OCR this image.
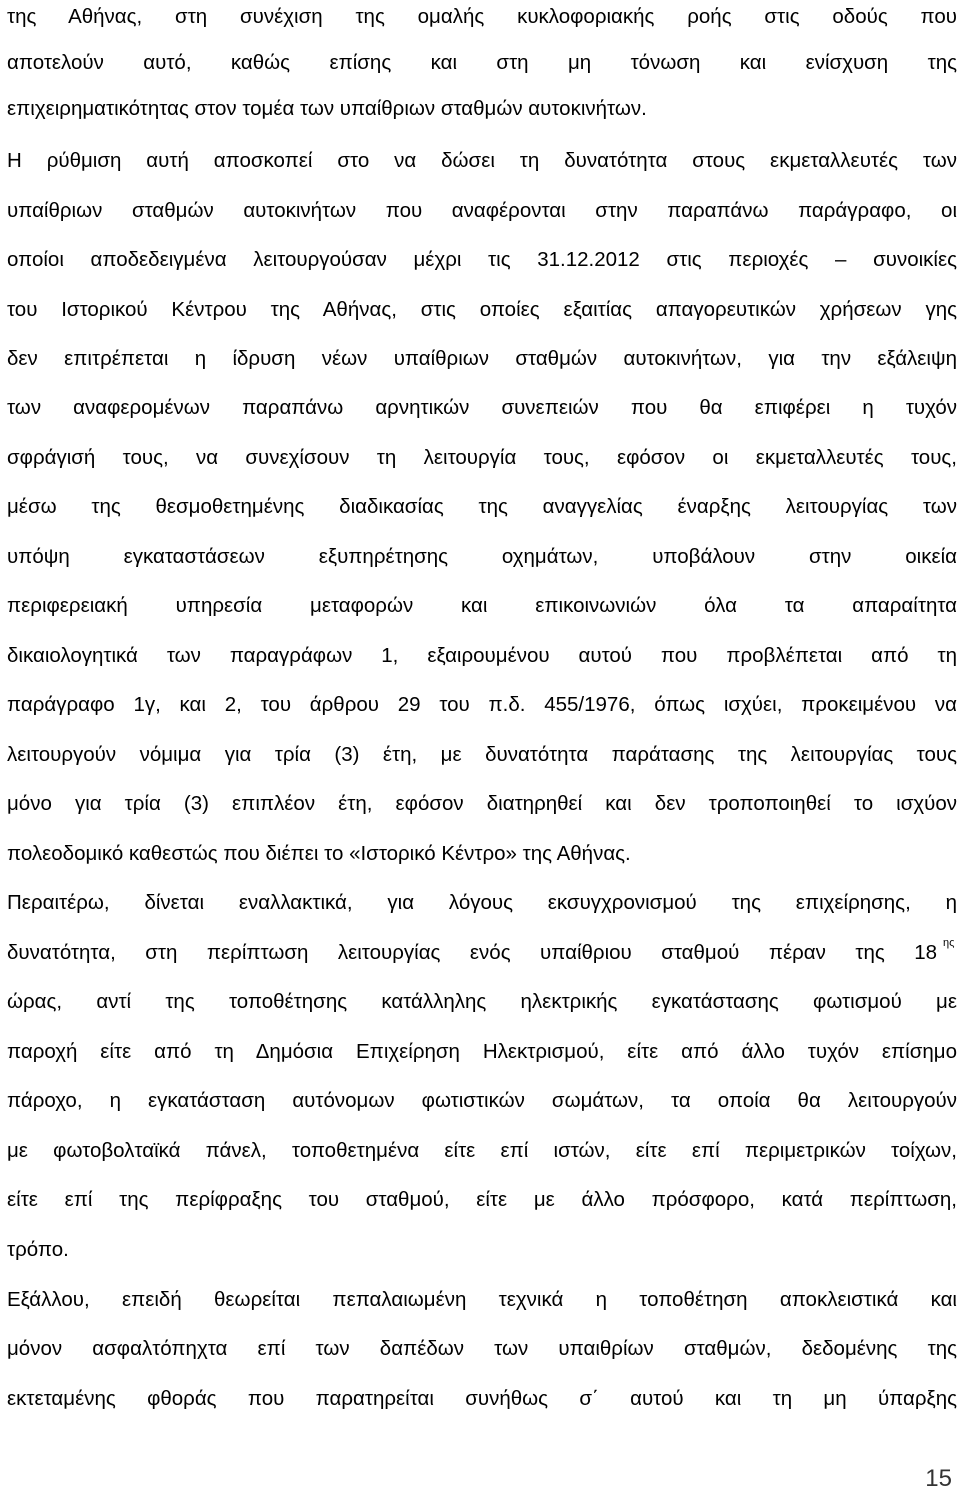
της Αθήνας, στη συνέχιση της ομαλής κυκλοφοριακής ροής στις οδούς που
αποτελούν αυτό, καθώς επίσης και στη μη τόνωση και ενίσχυση της
επιχειρηματικότητας στον τομέα των υπαίθριων σταθμών αυτοκινήτων.
Η ρύθμιση αυτή αποσκοπεί στο να δώσει τη δυνατότητα στους εκμεταλλευτές των
υπαίθριων σταθμών αυτοκινήτων που αναφέρονται στην παραπάνω παράγραφο, οι
οποίοι αποδεδειγμένα λειτουργούσαν μέχρι τις 31.12.2012 στις περιοχές – συνοικίες
του Ιστορικού Κέντρου της Αθήνας, στις οποίες εξαιτίας απαγορευτικών χρήσεων γης
δεν επιτρέπεται η ίδρυση νέων υπαίθριων σταθμών αυτοκινήτων, για την εξάλειψη
των αναφερομένων παραπάνω αρνητικών συνεπειών που θα επιφέρει η τυχόν
σφράγισή τους, να συνεχίσουν τη λειτουργία τους, εφόσον οι εκμεταλλευτές τους,
μέσω της θεσμοθετημένης διαδικασίας της αναγγελίας έναρξης λειτουργίας των
υπόψη εγκαταστάσεων εξυπηρέτησης οχημάτων, υποβάλουν στην οικεία
περιφερειακή υπηρεσία μεταφορών και επικοινωνιών όλα τα απαραίτητα
δικαιολογητικά των παραγράφων 1, εξαιρουμένου αυτού που προβλέπεται από τη
παράγραφο 1γ, και 2, του άρθρου 29 του π.δ. 455/1976, όπως ισχύει, προκειμένου να
λειτουργούν νόμιμα για τρία (3) έτη, με δυνατότητα παράτασης της λειτουργίας τους
μόνο για τρία (3) επιπλέον έτη, εφόσον διατηρηθεί και δεν τροποποιηθεί το ισχύον
πολεοδομικό καθεστώς που διέπει το «Ιστορικό Κέντρο» της Αθήνας.
Περαιτέρω, δίνεται εναλλακτικά, για λόγους εκσυγχρονισμού της επιχείρησης, η
δυνατότητα, στη περίπτωση λειτουργίας ενός υπαίθριου σταθμού πέραν της 18 ης
ώρας, αντί της τοποθέτησης κατάλληλης ηλεκτρικής εγκατάστασης φωτισμού με
παροχή είτε από τη Δημόσια Επιχείρηση Ηλεκτρισμού, είτε από άλλο τυχόν επίσημο
πάροχο, η εγκατάσταση αυτόνομων φωτιστικών σωμάτων, τα οποία θα λειτουργούν
με φωτοβολταϊκά πάνελ, τοποθετημένα είτε επί ιστών, είτε επί περιμετρικών τοίχων,
είτε επί της περίφραξης του σταθμού, είτε με άλλο πρόσφορο, κατά περίπτωση,
τρόπο.
Εξάλλου, επειδή θεωρείται πεπαλαιωμένη τεχνικά η τοποθέτηση αποκλειστικά και
μόνον ασφαλτόπηχτα επί των δαπέδων των υπαιθρίων σταθμών, δεδομένης της
εκτεταμένης φθοράς που παρατηρείται συνήθως σ΄ αυτού και τη μη ύπαρξης
15
